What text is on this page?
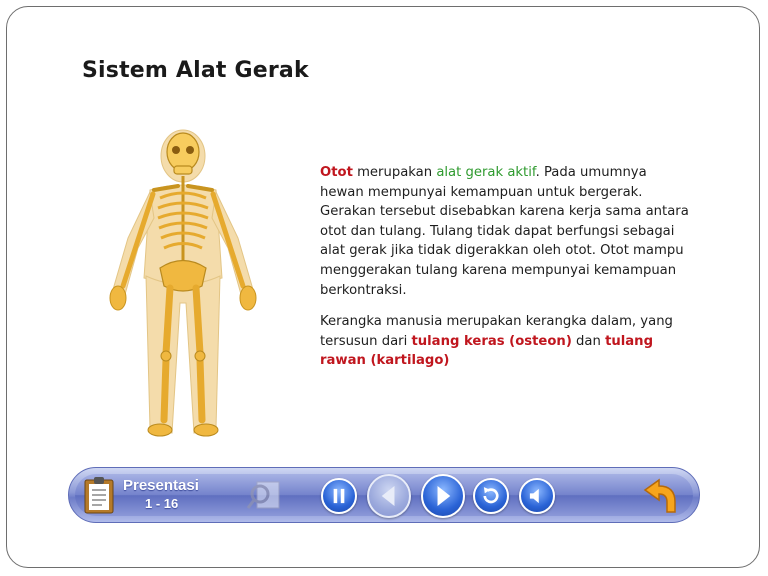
Sistem Alat Gerak

Otot merupakan alat gerak aktif. Pada umumnya hewan mempunyai kemampuan untuk bergerak. Gerakan tersebut disebabkan karena kerja sama antara otot dan tulang. Tulang tidak dapat berfungsi sebagai alat gerak jika tidak digerakkan oleh otot. Otot mampu menggerakan tulang karena mempunyai kemampuan berkontraksi.

Kerangka manusia merupakan kerangka dalam, yang tersusun dari tulang keras (osteon) dan tulang rawan (kartilago)

Presentasi
1 - 16
